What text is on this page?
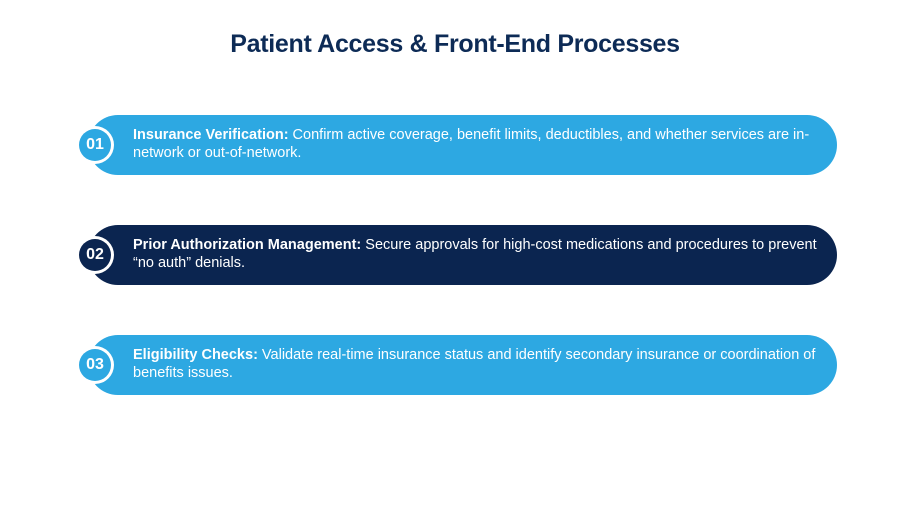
Patient Access & Front-End Processes
Insurance Verification: Confirm active coverage, benefit limits, deductibles, and whether services are in-network or out-of-network.
01
Prior Authorization Management: Secure approvals for high-cost medications and procedures to prevent “no auth” denials.
02
Eligibility Checks: Validate real-time insurance status and identify secondary insurance or coordination of benefits issues.
03
